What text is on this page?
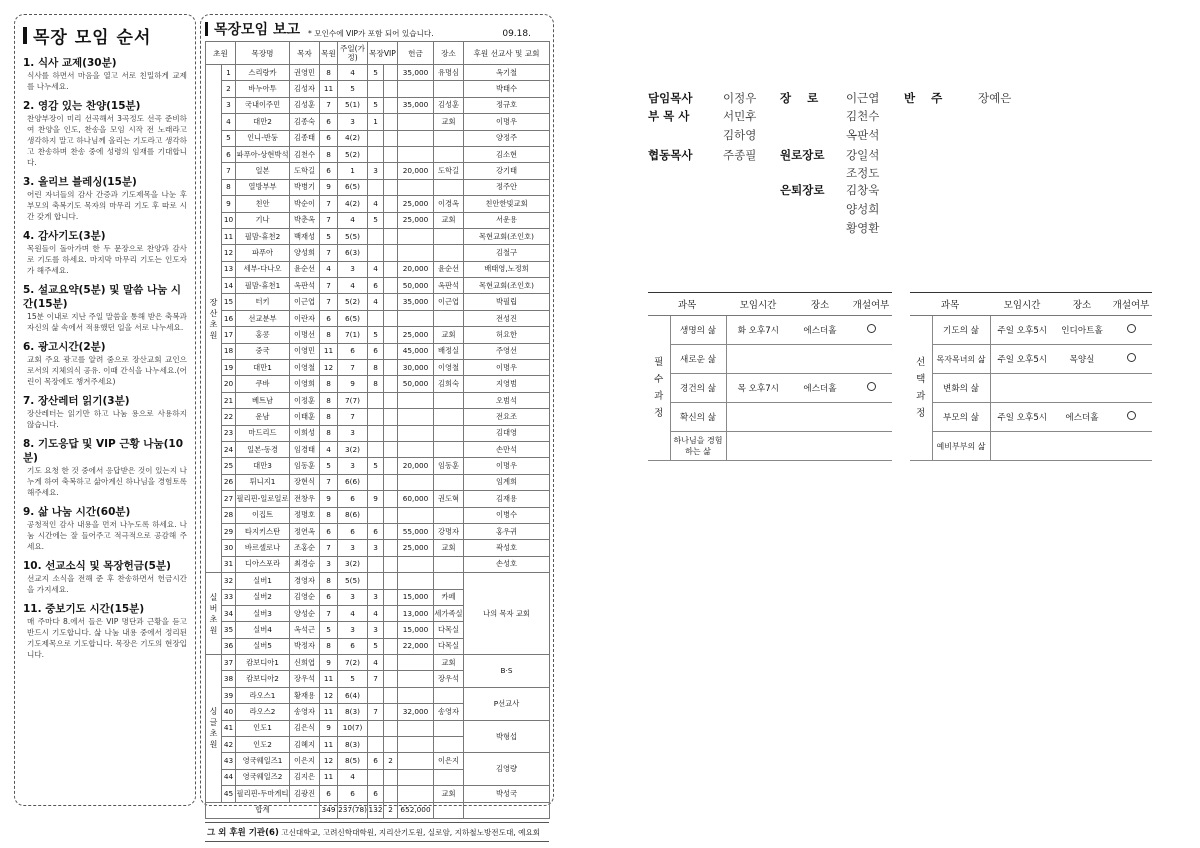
목장 모임 순서
1. 식사 교제(30분)
식사를 하면서 마음을 열고 서로 친밀하게 교제를 나누세요.
2. 영감 있는 찬양(15분)
찬양부장이 미리 선곡해서 3곡정도 선곡 준비하여 찬양을 인도, 찬송을 모임 시작 전 노래라고 생각하지 말고 하나님께 올리는 기도라고 생각하고 찬송하며 찬송 중에 성령의 임재를 기대합니다.
3. 올리브 블레싱(15분)
어린 자녀들의 감사 간증과 기도제목을 나눈 후 부모의 축복기도 목자의 마무리 기도 후 따로 시간 갖게 합니다.
4. 감사기도(3분)
목원들이 돌아가며 한 두 문장으로 찬양과 감사로 기도를 하세요. 마지막 마무리 기도는 인도자가 해주세요.
5. 설교요약(5분) 및 말씀 나눔 시간(15분)
15분 이내로 지난 주일 말씀을 통해 받은 축복과 자신의 삶 속에서 적용했던 일을 서로 나누세요.
6. 광고시간(2분)
교회 주요 광고를 알려 줌으로 장산교회 교인으로서의 지체의식 공유. 이때 간식을 나누세요.(어린이 목장에도 챙겨주세요)
7. 장산레터 읽기(3분)
장산레터는 읽기만 하고 나눔 용으로 사용하지 않습니다.
8. 기도응답 및 VIP 근황 나눔(10분)
기도 요청 한 것 중에서 응답받은 것이 있는지 나누게 하여 축복하고 삶아계신 하나님을 경험토록 해주세요.
9. 삶 나눔 시간(60분)
공청적인 감사 내용을 먼저 나누도록 하세요. 나눔 시간에는 잘 들어주고 적극적으로 공감해 주세요.
10. 선교소식 및 목장헌금(5분)
선교지 소식을 전해 준 후 찬송하면서 헌금시간을 가지세요.
11. 중보기도 시간(15분)
매 주마다 8.에서 들은 VIP 명단과 근황을 듣고 반드시 기도합니다. 삶 나눔 내용 중에서 정리된 기도제목으로 기도합니다. 목장은 기도의 현장입니다.
목장모임 보고 * 모인수에 VIP가 포함 되어 있습니다.	09.18.
초원		목장명	목자	목원	주일(가정)	목장VIP		헌금	장소	후원 선교사 및 교회

장
산
초
원	1	스리랑카	권영민	8	4	5		35,000	유명심	옥기철
	2	바누아투	김성자	11	5					박태수
	3	국내이주민	김성훈	7	5(1)	5		35,000	김성훈	정규호
	4	대만2	김종숙	6	3	1			교회	이명우
	5	인니-반둥	김종태	6	4(2)					양정주
	6	파푸아-상현박석	김천수	8	5(2)					김소현
	7	일본	도학길	6	1	3		20,000	도학길	강기태
	8	열방부부	박병기	9	6(5)					정주안
	9	친안	박순이	7	4(2)	4		25,000	이경옥	친안한빛교회
	10	기나	박춘옥	7	4	5		25,000	교회	서운용
	11	필맘-휴천2	백재성	5	5(5)					목현교회(조인호)
	12	파푸아	양성희	7	6(3)					김철구
	13	세부-다나오	윤순선	4	3	4		20,000	윤순선	배태영,노정희
	14	필맘-휴천1	옥판석	7	4	6		50,000	옥판석	목현교회(조인호)
	15	터키	이근엽	7	5(2)	4		35,000	이근엽	박필립
	16	선교분부	이란자	6	6(5)					전성진
	17	홍콩	이명선	8	7(1)	5		25,000	교회	허요한
	18	중국	이영민	11	6	6		45,000	배정실	주영선
	19	대만1	이영철	12	7	8		30,000	이영철	이명우
	20	쿠바	이영희	8	9	8		50,000	김희숙	지영범
	21	베트남	이정훈	8	7(7)					오범석
	22	운남	이태훈	8	7					전요조
	23	마드리드	이희성	8	3					김대영
	24	일본-동경	임경태	4	3(2)					손만석
	25	대만3	임동훈	5	3	5		20,000	임동훈	이명우
	26	튀니지1	장현식	7	6(6)					임계희
	27	필리핀-일로일로	전창우	9	6	9		60,000	권도혁	김재용
	28	이집트	정명호	8	8(6)					이병수
	29	타지키스탄	정연옥	6	6	6		55,000	강명자	홍우귀
	30	바르셀로나	조홍순	7	3	3		25,000	교회	곽성호
	31	디아스포라	최경승	3	3(2)					손성호

실
버
초
원	32	실버1	경영자	8	5(5)					나의 목자 교회
	33	실버2	김영순	6	3	3		15,000	카페	
	34	실버3	양성순	7	4	4		13,000	세가족실	
	35	실버4	옥석근	5	3	3		15,000	다목실	
	36	실버5	박정자	8	6	5		22,000	다목실	

싱
글
초
원	37	캄보디아1	신희엽	9	7(2)	4			교회	B·S
	38	캄보디아2	장우석	11	5	7			장우석	
	39	라오스1	황재용	12	6(4)					P선교사
	40	라오스2	송영자	11	8(3)	7		32,000	송영자	
	41	인도1	김은식	9	10(7)					박형섭
	42	인도2	김혜지	11	8(3)					
	43	영국웨일즈1	이은지	12	8(5)	6	2		이은지	김영량
	44	영국웨일즈2	김지은	11	4					
	45	필리핀-두마게티	김광진	6	6	6			교회	박성국
합계				349	237(78)	132	2	652,000		
그 외 후원 기관(6) 고신대학교, 고려신학대학원, 지리산기도원, 실로암, 지하철노방전도대, 예요회
담임목사	이정우
부 목 사	서민후
김하영
협동목사	주종필
장    로 이근엽
김천수
옥판석
원로장로 강일석
조정도
은퇴장로 김창욱
양성희
황영환
반    주	장예은
과목		모임시간	장소	개설여부

필
수
과
정	생명의 삶	화 오후7시	에스더홀	
	새로운 삶			
	경건의 삶	목 오후7시	에스더홀	
	확신의 삶			
	하나님을 경험하는 삶			
과목		모임시간	장소	개설여부

선
택
과
정	기도의 삶	주일 오후5시	인디아트홀	
	목자목녀의 삶	주일 오후5시	목양실	
	변화의 삶			
	부모의 삶	주일 오후5시	에스더홀	
	예비부부의 삶			
